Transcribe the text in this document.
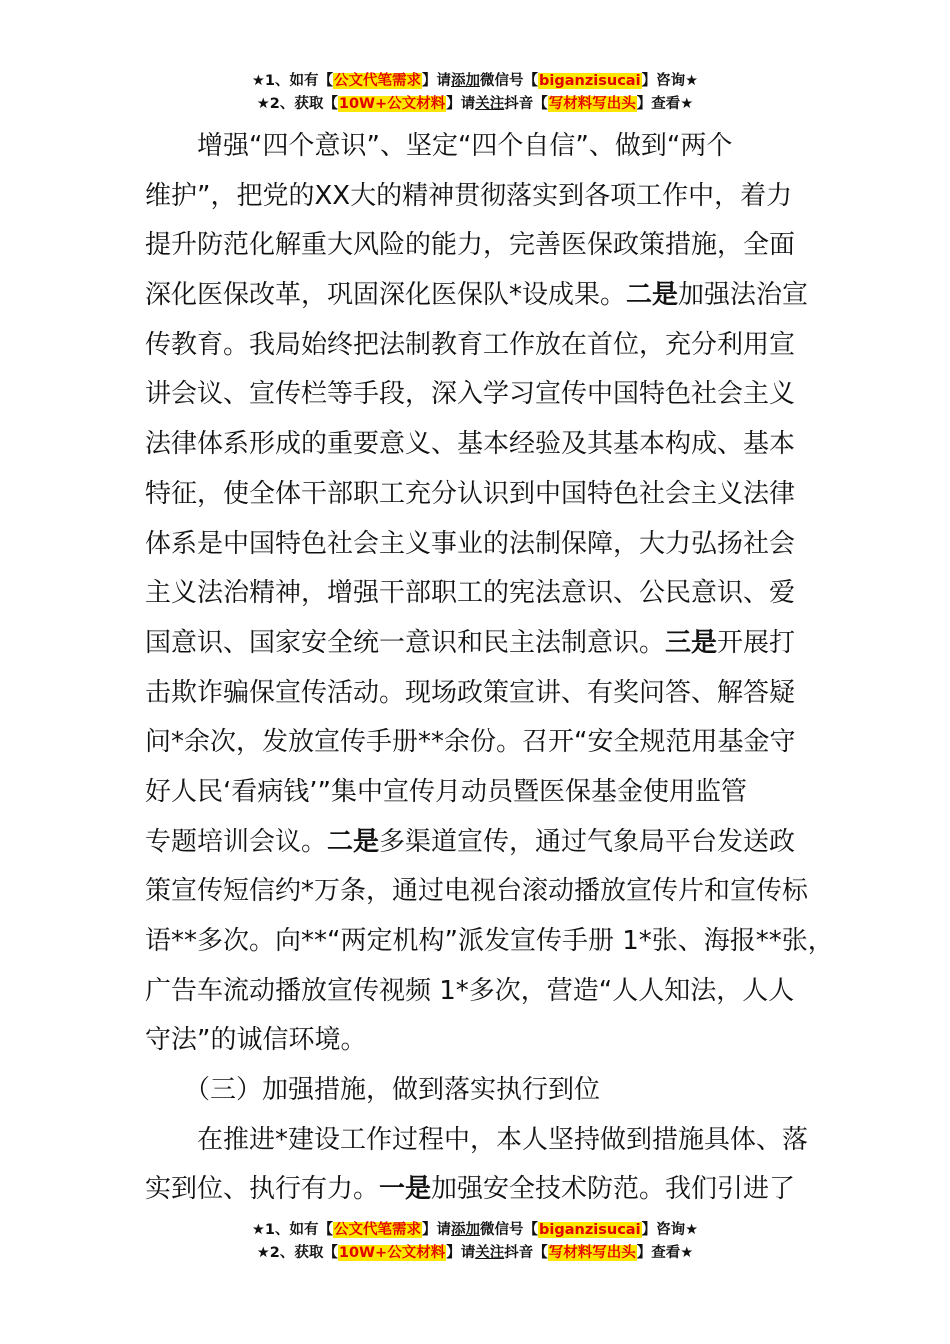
★1、如有【公文代笔需求】请添加微信号【biganzisucai】咨询★
★2、获取【10W+公文材料】请关注抖音【写材料写出头】查看★
　　增强“四个意识”、坚定“四个自信”、做到“两个
维护”，把党的XX大的精神贯彻落实到各项工作中，着力
提升防范化解重大风险的能力，完善医保政策措施，全面
深化医保改革，巩固深化医保队*设成果。二是加强法治宣
传教育。我局始终把法制教育工作放在首位，充分利用宣
讲会议、宣传栏等手段，深入学习宣传中国特色社会主义
法律体系形成的重要意义、基本经验及其基本构成、基本
特征，使全体干部职工充分认识到中国特色社会主义法律
体系是中国特色社会主义事业的法制保障，大力弘扬社会
主义法治精神，增强干部职工的宪法意识、公民意识、爱
国意识、国家安全统一意识和民主法制意识。三是开展打
击欺诈骗保宣传活动。现场政策宣讲、有奖问答、解答疑
问*余次，发放宣传手册**余份。召开“安全规范用基金守
好人民‘看病钱’”集中宣传月动员暨医保基金使用监管
专题培训会议。二是多渠道宣传，通过气象局平台发送政
策宣传短信约*万条，通过电视台滚动播放宣传片和宣传标
语**多次。向**“两定机构”派发宣传手册 1*张、海报**张，
广告车流动播放宣传视频 1*多次，营造“人人知法，人人
守法”的诚信环境。
　　（三）加强措施，做到落实执行到位
　　在推进*建设工作过程中，本人坚持做到措施具体、落
实到位、执行有力。一是加强安全技术防范。我们引进了
★1、如有【公文代笔需求】请添加微信号【biganzisucai】咨询★
★2、获取【10W+公文材料】请关注抖音【写材料写出头】查看★
